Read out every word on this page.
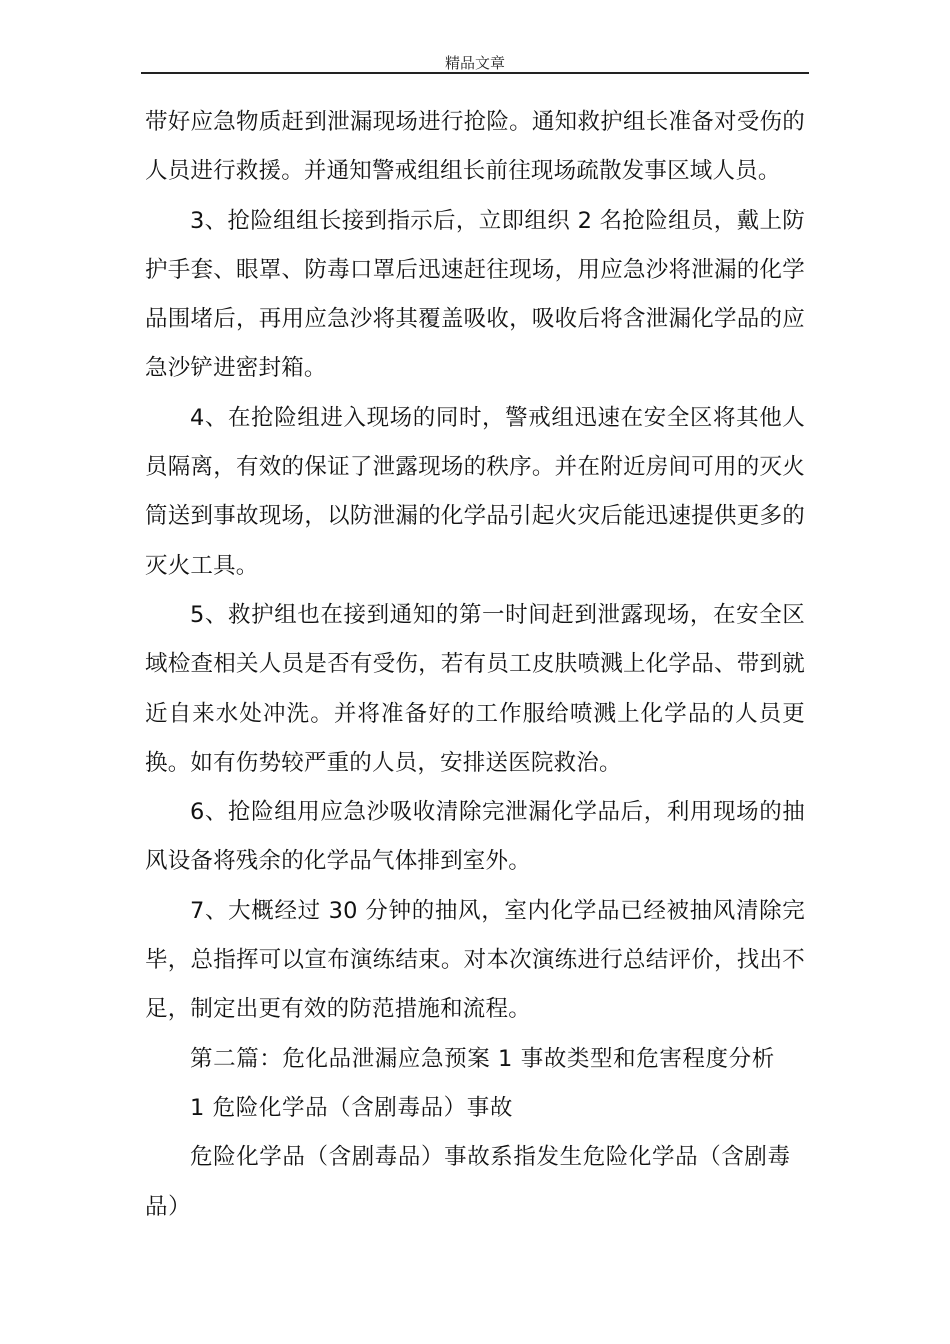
精品文章

带好应急物质赶到泄漏现场进行抢险。通知救护组长准备对受伤的人员进行救援。并通知警戒组组长前往现场疏散发事区域人员。

3、抢险组组长接到指示后，立即组织 2 名抢险组员，戴上防护手套、眼罩、防毒口罩后迅速赶往现场，用应急沙将泄漏的化学品围堵后，再用应急沙将其覆盖吸收，吸收后将含泄漏化学品的应急沙铲进密封箱。

4、在抢险组进入现场的同时，警戒组迅速在安全区将其他人员隔离，有效的保证了泄露现场的秩序。并在附近房间可用的灭火筒送到事故现场，以防泄漏的化学品引起火灾后能迅速提供更多的灭火工具。

5、救护组也在接到通知的第一时间赶到泄露现场，在安全区域检查相关人员是否有受伤，若有员工皮肤喷溅上化学品、带到就近自来水处冲洗。并将准备好的工作服给喷溅上化学品的人员更换。如有伤势较严重的人员，安排送医院救治。

6、抢险组用应急沙吸收清除完泄漏化学品后，利用现场的抽风设备将残余的化学品气体排到室外。

7、大概经过 30 分钟的抽风，室内化学品已经被抽风清除完毕，总指挥可以宣布演练结束。对本次演练进行总结评价，找出不足，制定出更有效的防范措施和流程。

第二篇：危化品泄漏应急预案 1 事故类型和危害程度分析

1 危险化学品（含剧毒品）事故

危险化学品（含剧毒品）事故系指发生危险化学品（含剧毒品）
